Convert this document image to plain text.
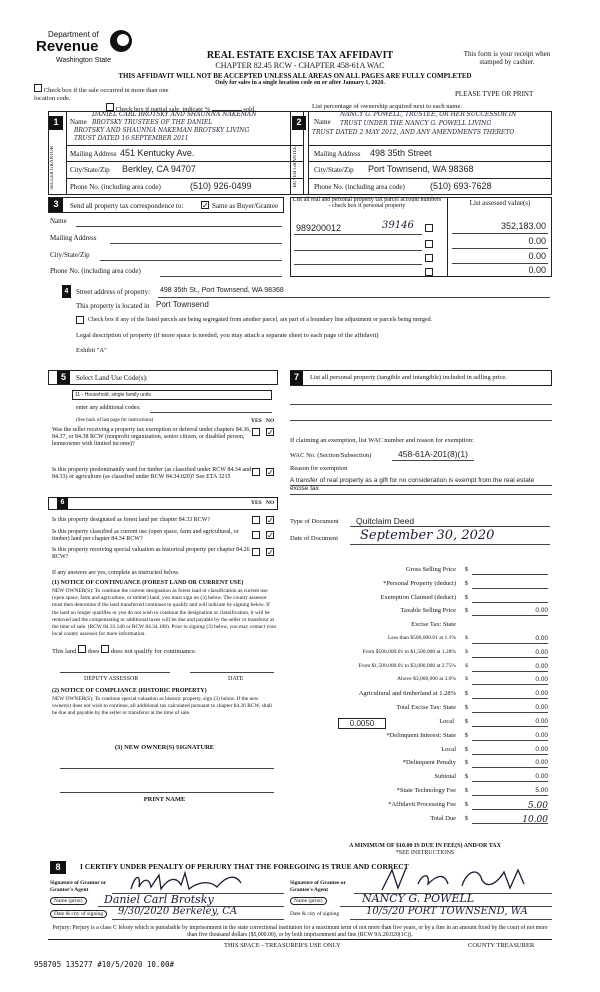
Department of
Revenue
Washington State	REAL ESTATE EXCISE TAX AFFIDAVIT
CHAPTER 82.45 RCW - CHAPTER 458-61A WAC
This form is your receipt when stamped by cashier.
THIS AFFIDAVIT WILL NOT BE ACCEPTED UNLESS ALL AREAS ON ALL PAGES ARE FULLY COMPLETED
Only for sales in a single location code on or after January 1, 2020.
Check box if the sale occurred in more than one location code.
PLEASE TYPE OR PRINT
Check box if partial sale, indicate %	sold.	List percentage of ownership acquired next to each name.
1
SELLER GRANTOR
Name
DANIEL CARL BROTSKY AND SHAUNNA NAKEMAN
BROTSKY TRUSTEES OF THE DANIEL
BROTSKY AND SHAUNNA NAKEMAN BROTSKY LIVING
TRUST DATED 16 SEPTEMBER 2011
Mailing Address 451 Kentucky Ave.
City/State/Zip Berkley, CA 94707
Phone No. (including area code)	(510) 926-0499
2
BUYER GRANTEE
Name
NANCY G. POWELL, TRUSTEE, OR HER SUCCESSOR IN
TRUST UNDER THE NANCY G. POWELL LIVING
TRUST DATED 2 MAY 2012, AND ANY AMENDMENTS THERETO
Mailing Address 498 35th Street
City/State/Zip Port Townsend, WA 98368
Phone No. (including area code)	(510) 693-7628
3	Send all property tax correspondence to: ✓	Same as Buyer/Grantee
List all real and personal property tax parcel account numbers - check box if personal property	List assessed value(s)
Name
Mailing Address
City/State/Zip
Phone No. (including area code)
989200012	39146	352,183.00
0.00
0.00
0.00
4	Street address of property: 498 35th St., Port Townsend, WA 98368
This property is located in Port Townsend
Check box if any of the listed parcels are being segregated from another parcel, are part of a boundary line adjustment or parcels being merged.
Legal description of property (if more space is needed, you may attach a separate sheet to each page of the affidavit)
Exhibit "A"
5	Select Land Use Code(s):
11 - Household, single family units
enter any additional codes:
(See back of last page for instructions)	YES NO
Was the seller receiving a property tax exemption or deferral under chapters 84.36, 84.37, or 84.38 RCW (nonprofit organization, senior citizen, or disabled person, homeowner with limited income)?
✓
Is this property predominantly used for timber (as classified under RCW 84.34 and 84.33) or agriculture (as classified under RCW 84.34.020)? See ETA 3215
✓
6	YES NO
Is this property designated as forest land per chapter 84.33 RCW?
✓
Is this property classified as current use (open space, farm and agricultural, or timber) land per chapter 84.34 RCW?
✓
Is this property receiving special valuation as historical property per chapter 84.26 RCW?
✓
If any answers are yes, complete as instructed below.
(1) NOTICE OF CONTINUANCE (FOREST LAND OR CURRENT USE)
NEW OWNER(S): To continue the current designation as forest land or classification as current use (open space, farm and agriculture, or timber) land, you must sign on (3) below. The county assessor must then determine if the land transferred continues to qualify and will indicate by signing below. If the land no longer qualifies or you do not wish to continue the designation or classification, it will be removed and the compensating or additional taxes will be due and payable by the seller or transferor at the time of sale. (RCW 84.33.140 or RCW 84.34.108). Prior to signing (3) below, you may contact your local county assessor for more information.
This land does does not qualify for continuance.
DEPUTY ASSESSOR	DATE
(2) NOTICE OF COMPLIANCE (HISTORIC PROPERTY)
NEW OWNER(S): To continue special valuation as historic property, sign (3) below. If the new owner(s) does not wish to continue, all additional tax calculated pursuant to chapter 84.26 RCW, shall be due and payable by the seller or transferor at the time of sale.
(3) NEW OWNER(S) SIGNATURE
PRINT NAME
7	List all personal property (tangible and intangible) included in selling price.
If claiming an exemption, list WAC number and reason for exemption:
WAC No. (Section/Subsection)	458-61A-201(8)(1)
Reason for exemption
A transfer of real property as a gift for no consideration is exempt from the real estate excise tax
Type of Document Quitclaim Deed
Date of Document September 30, 2020
Gross Selling Price $
*Personal Property (deduct) $
Exemption Claimed (deduct) $
Taxable Selling Price $	0.00
Excise Tax: State
Less than $500,000.01 at 1.1% $	0.00
From $500,000.01 to $1,500,000 at 1.28% $	0.00
From $1,500,000.01 to $3,000,000 at 2.75% $	0.00
Above $3,000,000 at 3.0% $	0.00
Agricultural and timberland at 1.28% $	0.00
Total Excise Tax: State $	0.00
0.0050	Local $	0.00
*Delinquent Interest: State $	0.00
Local $	0.00
*Delinquent Penalty $	0.00
Subtotal $	0.00
*State Technology Fee $	5.00
*Affidavit Processing Fee $	5.00
Total Due $	10.00
A MINIMUM OF $10.00 IS DUE IN FEE(S) AND/OR TAX
*SEE INSTRUCTIONS
8	I CERTIFY UNDER PENALTY OF PERJURY THAT THE FOREGOING IS TRUE AND CORRECT
Signature of Grantor or Grantor's Agent
Name (print)	Daniel Carl Brotsky
Date & city of signing	9/30/2020 Berkeley, CA
Signature of Grantee or Grantee's Agent
Name (print)	NANCY G. POWELL
Date & city of signing	10/5/20 PORT TOWNSEND, WA
Perjury: Perjury is a class C felony which is punishable by imprisonment in the state correctional institution for a maximum term of not more than five years, or by a fine in an amount fixed by the court of not more than five thousand dollars ($5,000.00), or by both imprisonment and fine (RCW 9A.20.020(1C)).
THIS SPACE - TREASURER'S USE ONLY	COUNTY TREASURER
958705 135277 #10/5/2020 10.00#
